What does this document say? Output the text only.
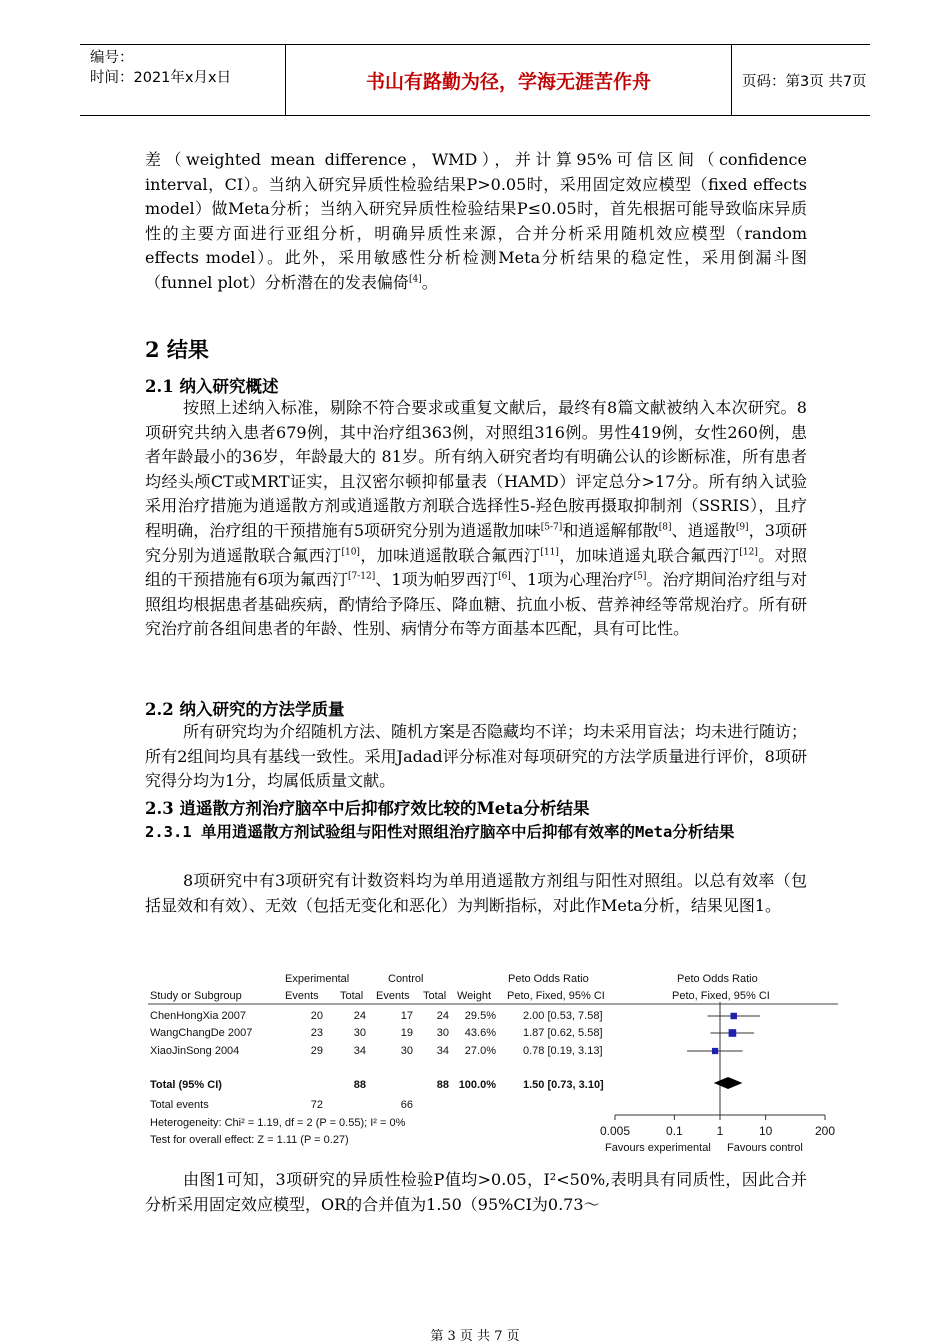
编号：
时间：2021年x月x日	书山有路勤为径，学海无涯苦作舟	页码：第3页 共7页
差（weighted mean difference，WMD），并计算95%可信区间（confidence interval，CI）。当纳入研究异质性检验结果P>0.05时，采用固定效应模型（fixed effects model）做Meta分析；当纳入研究异质性检验结果P≤0.05时，首先根据可能导致临床异质性的主要方面进行亚组分析，明确异质性来源，合并分析采用随机效应模型（random effects model）。此外，采用敏感性分析检测Meta分析结果的稳定性，采用倒漏斗图（funnel plot）分析潜在的发表偏倚[4]。
2 结果
2.1 纳入研究概述
按照上述纳入标准，剔除不符合要求或重复文献后，最终有8篇文献被纳入本次研究。8项研究共纳入患者679例，其中治疗组363例，对照组316例。男性419例，女性260例，患者年龄最小的36岁，年龄最大的 81岁。所有纳入研究者均有明确公认的诊断标准，所有患者均经头颅CT或MRT证实，且汉密尔顿抑郁量表（HAMD）评定总分>17分。所有纳入试验采用治疗措施为逍遥散方剂或逍遥散方剂联合选择性5-羟色胺再摄取抑制剂（SSRIS），且疗程明确，治疗组的干预措施有5项研究分别为逍遥散加味[5-7]和逍遥解郁散[8]、逍遥散[9]，3项研究分别为逍遥散联合氟西汀[10]，加味逍遥散联合氟西汀[11]，加味逍遥丸联合氟西汀[12]。对照组的干预措施有6项为氟西汀[7-12]、1项为帕罗西汀[6]、1项为心理治疗[5]。治疗期间治疗组与对照组均根据患者基础疾病，酌情给予降压、降血糖、抗血小板、营养神经等常规治疗。所有研究治疗前各组间患者的年龄、性别、病情分布等方面基本匹配，具有可比性。
2.2 纳入研究的方法学质量
所有研究均为介绍随机方法、随机方案是否隐藏均不详；均未采用盲法；均未进行随访；所有2组间均具有基线一致性。采用Jadad评分标准对每项研究的方法学质量进行评价，8项研究得分均为1分，均属低质量文献。
2.3 逍遥散方剂治疗脑卒中后抑郁疗效比较的Meta分析结果
2.3.1 单用逍遥散方剂试验组与阳性对照组治疗脑卒中后抑郁有效率的Meta分析结果
8项研究中有3项研究有计数资料均为单用逍遥散方剂组与阳性对照组。以总有效率（包括显效和有效）、无效（包括无变化和恶化）为判断指标，对此作Meta分析，结果见图1。
Experimental	Control	Peto Odds Ratio	Peto Odds Ratio
Study or Subgroup	Events Total Events Total Weight Peto, Fixed, 95% CI	Peto, Fixed, 95% CI
ChenHongXia 2007	20	24	17	24	29.5% 2.00 [0.53, 7.58]
WangChangDe 2007	23	30	19	30	43.6% 1.87 [0.62, 5.58]
XiaoJinSong 2004	29	34	30	34	27.0% 0.78 [0.19, 3.13]
Total (95% CI)	88	88 100.0% 1.50 [0.73, 3.10]
Total events	72	66
Heterogeneity: Chi² = 1.19, df = 2 (P = 0.55); I² = 0%
Test for overall effect: Z = 1.11 (P = 0.27)
0.005	0.1	1	10	200
Favours experimental Favours control
由图1可知，3项研究的异质性检验P值均>0.05，I²<50%,表明具有同质性，因此合并分析采用固定效应模型，OR的合并值为1.50（95%CI为0.73～
第 3 页 共 7 页
